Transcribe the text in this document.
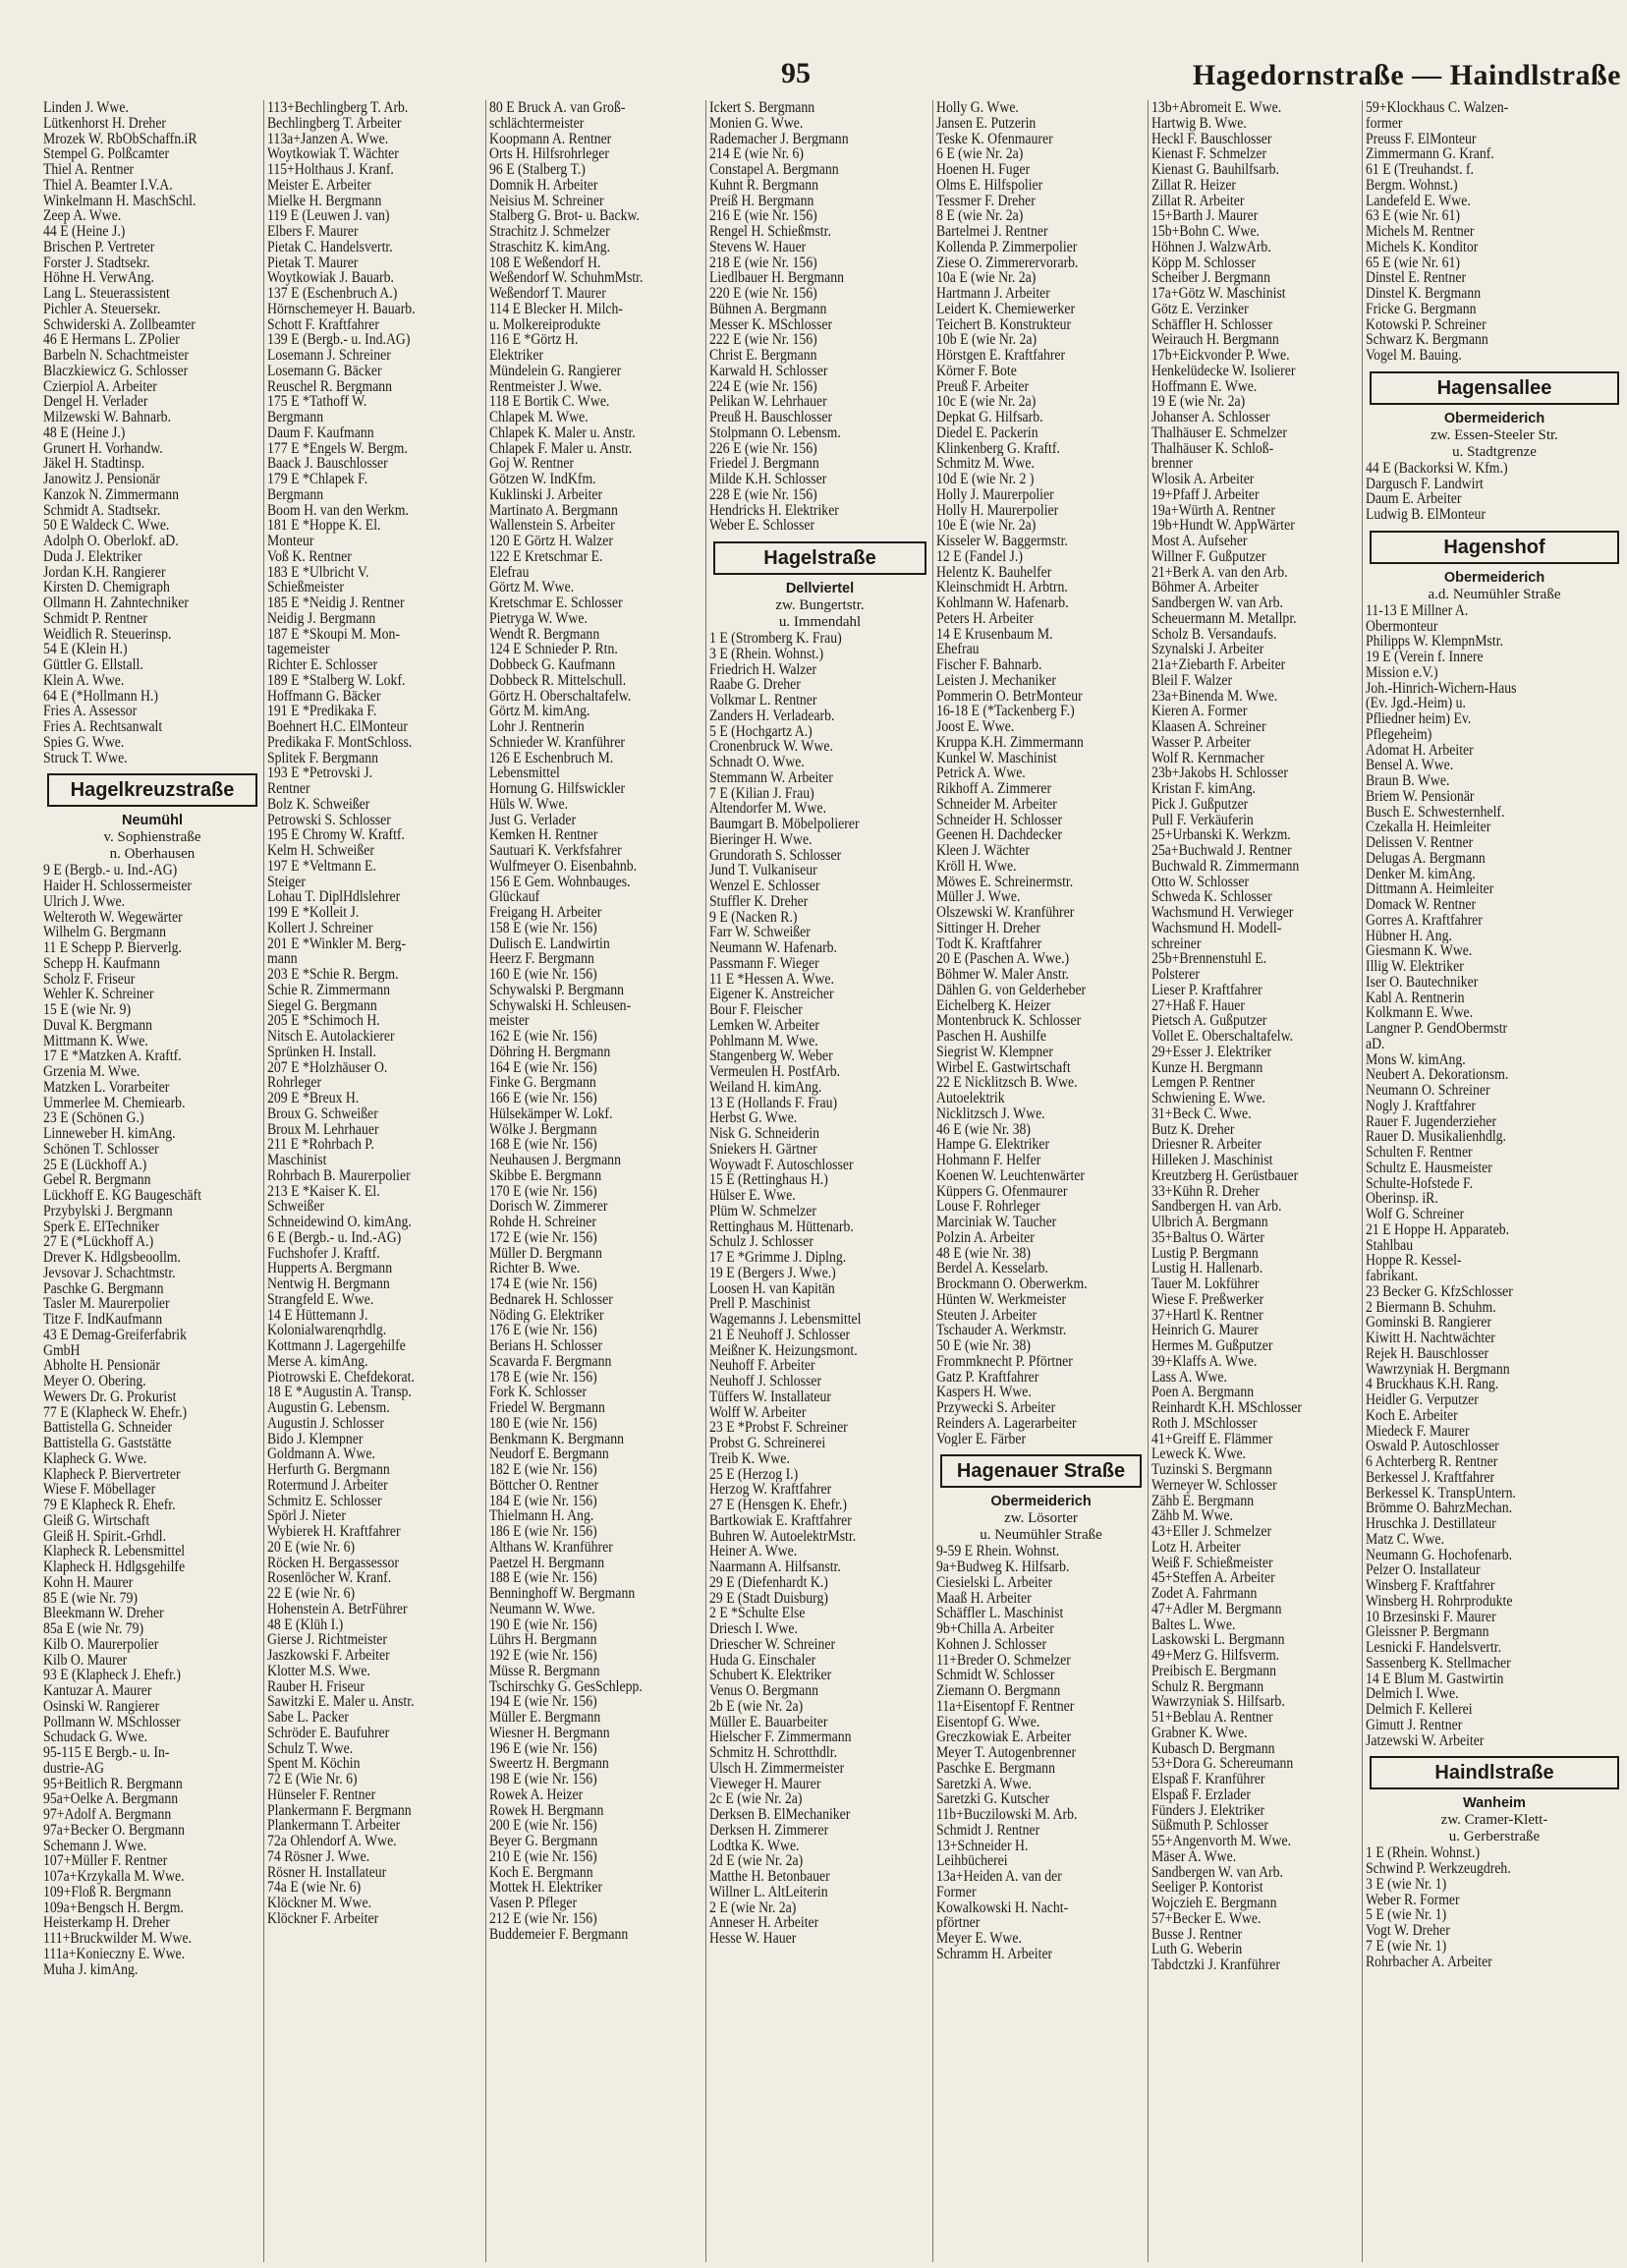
95	Hagedornstraße — Haindlstraße
Linden J. Wwe.
Lütkenhorst H. Dreher
Mrozek W. RbObSchaffn.iR
Stempel G. Polßcamter
Thiel A. Rentner
Thiel A. Beamter I.V.A.
Winkelmann H. MaschSchl.
Zeep A. Wwe.
44 E (Heine J.)
Brischen P. Vertreter
Forster J. Stadtsekr.
Höhne H. VerwAng.
Lang L. Steuerassistent
Pichler A. Steuersekr.
Schwiderski A. Zollbeamter
46 E Hermans L. ZPolier
Barbeln N. Schachtmeister
Blaczkiewicz G. Schlosser
Czierpiol A. Arbeiter
Dengel H. Verlader
Milzewski W. Bahnarb.
48 E (Heine J.)
Grunert H. Vorhandw.
Jäkel H. Stadtinsp.
Janowitz J. Pensionär
Kanzok N. Zimmermann
Schmidt A. Stadtsekr.
50 E Waldeck C. Wwe.
Adolph O. Oberlokf. aD.
Duda J. Elektriker
Jordan K.H. Rangierer
Kirsten D. Chemigraph
Ollmann H. Zahntechniker
Schmidt P. Rentner
Weidlich R. Steuerinsp.
54 E (Klein H.)
Güttler G. Ellstall.
Klein A. Wwe.
64 E (*Hollmann H.)
Fries A. Assessor
Fries A. Rechtsanwalt
Spies G. Wwe.
Struck T. Wwe.
Hagelkreuzstraße
Neumühl
v. Sophienstraße
n. Oberhausen
9 E (Bergb.- u. Ind.-AG)
Haider H. Schlossermeister
Ulrich J. Wwe.
Welteroth W. Wegewärter
Wilhelm G. Bergmann
11 E Schepp P. Bierverlg.
Schepp H. Kaufmann
Scholz F. Friseur
Wehler K. Schreiner
15 E (wie Nr. 9)
Duval K. Bergmann
Mittmann K. Wwe.
17 E *Matzken A. Kraftf.
Grzenia M. Wwe.
Matzken L. Vorarbeiter
Ummerlee M. Chemiearb.
23 E (Schönen G.)
Linneweber H. kimAng.
Schönen T. Schlosser
25 E (Lückhoff A.)
Gebel R. Bergmann
Lückhoff E. KG Baugeschäft
Przybylski J. Bergmann
Sperk E. ElTechniker
27 E (*Lückhoff A.)
Drever K. Hdlgsbeoollm.
Jevsovar J. Schachtmstr.
Paschke G. Bergmann
Tasler M. Maurerpolier
Titze F. IndKaufmann
43 E Demag-Greiferfabrik
GmbH
Abholte H. Pensionär
Meyer O. Obering.
Wewers Dr. G. Prokurist
77 E (Klapheck W. Ehefr.)
Battistella G. Schneider
Battistella G. Gaststätte
Klapheck G. Wwe.
Klapheck P. Biervertreter
Wiese F. Möbellager
79 E Klapheck R. Ehefr.
Gleiß G. Wirtschaft
Gleiß H. Spirit.-Grhdl.
Klapheck R. Lebensmittel
Klapheck H. Hdlgsgehilfe
Kohn H. Maurer
85 E (wie Nr. 79)
Bleekmann W. Dreher
85a E (wie Nr. 79)
Kilb O. Maurerpolier
Kilb O. Maurer
93 E (Klapheck J. Ehefr.)
Kantuzar A. Maurer
Osinski W. Rangierer
Pollmann W. MSchlosser
Schudack G. Wwe.
95-115 E Bergb.- u. In-
dustrie-AG
95+Beitlich R. Bergmann
95a+Oelke A. Bergmann
97+Adolf A. Bergmann
97a+Becker O. Bergmann
Schemann J. Wwe.
107+Müller F. Rentner
107a+Krzykalla M. Wwe.
109+Floß R. Bergmann
109a+Bengsch H. Bergm.
Heisterkamp H. Dreher
111+Bruckwilder M. Wwe.
111a+Konieczny E. Wwe.
Muha J. kimAng.
113+Bechlingberg T. Arb.
Bechlingberg T. Arbeiter
113a+Janzen A. Wwe.
Woytkowiak T. Wächter
115+Holthaus J. Kranf.
Meister E. Arbeiter
Mielke H. Bergmann
119 E (Leuwen J. van)
Elbers F. Maurer
Pietak C. Handelsvertr.
Pietak T. Maurer
Woytkowiak J. Bauarb.
137 E (Eschenbruch A.)
Hörnschemeyer H. Bauarb.
Schott F. Kraftfahrer
139 E (Bergb.- u. Ind.AG)
Losemann J. Schreiner
Losemann G. Bäcker
Reuschel R. Bergmann
175 E *Tathoff W.
Bergmann
Daum F. Kaufmann
177 E *Engels W. Bergm.
Baack J. Bauschlosser
179 E *Chlapek F.
Bergmann
Boom H. van den Werkm.
181 E *Hoppe K. El.
Monteur
Voß K. Rentner
183 E *Ulbricht V.
Schießmeister
185 E *Neidig J. Rentner
Neidig J. Bergmann
187 E *Skoupi M. Mon-
tagemeister
Richter E. Schlosser
189 E *Stalberg W. Lokf.
Hoffmann G. Bäcker
191 E *Predikaka F.
Boehnert H.C. ElMonteur
Predikaka F. MontSchloss.
Splitek F. Bergmann
193 E *Petrovski J.
Rentner
Bolz K. Schweißer
Petrowski S. Schlosser
195 E Chromy W. Kraftf.
Kelm H. Schweißer
197 E *Veltmann E.
Steiger
Lohau T. DiplHdlslehrer
199 E *Kolleit J.
Kollert J. Schreiner
201 E *Winkler M. Berg-
mann
203 E *Schie R. Bergm.
Schie R. Zimmermann
Siegel G. Bergmann
205 E *Schimoch H.
Nitsch E. Autolackierer
Sprünken H. Install.
207 E *Holzhäuser O.
Rohrleger
209 E *Breux H.
Broux G. Schweißer
Broux M. Lehrhauer
211 E *Rohrbach P.
Maschinist
Rohrbach B. Maurerpolier
213 E *Kaiser K. El.
Schweißer
Schneidewind O. kimAng.
6 E (Bergb.- u. Ind.-AG)
Fuchshofer J. Kraftf.
Hupperts A. Bergmann
Nentwig H. Bergmann
Strangfeld E. Wwe.
14 E Hüttemann J.
Kolonialwarenqrhdlg.
Kottmann J. Lagergehilfe
Merse A. kimAng.
Piotrowski E. Chefdekorat.
18 E *Augustin A. Transp.
Augustin G. Lebensm.
Augustin J. Schlosser
Bido J. Klempner
Goldmann A. Wwe.
Herfurth G. Bergmann
Rotermund J. Arbeiter
Schmitz E. Schlosser
Spörl J. Nieter
Wybierek H. Kraftfahrer
20 E (wie Nr. 6)
Röcken H. Bergassessor
Rosenlöcher W. Kranf.
22 E (wie Nr. 6)
Hohenstein A. BetrFührer
48 E (Klüh I.)
Gierse J. Richtmeister
Jaszkowski F. Arbeiter
Klotter M.S. Wwe.
Rauber H. Friseur
Sawitzki E. Maler u. Anstr.
Sabe L. Packer
Schröder E. Baufuhrer
Schulz T. Wwe.
Spent M. Köchin
72 E (Wie Nr. 6)
Hünseler F. Rentner
Plankermann F. Bergmann
Plankermann T. Arbeiter
72a Ohlendorf A. Wwe.
74 Rösner J. Wwe.
Rösner H. Installateur
74a E (wie Nr. 6)
Klöckner M. Wwe.
Klöckner F. Arbeiter
80 E Bruck A. van Groß-
schlächtermeister
Koopmann A. Rentner
Orts H. Hilfsrohrleger
96 E (Stalberg T.)
Domnik H. Arbeiter
Neisius M. Schreiner
Stalberg G. Brot- u. Backw.
Strachitz J. Schmelzer
Straschitz K. kimAng.
108 E Weßendorf H.
Weßendorf W. SchuhmMstr.
Weßendorf T. Maurer
114 E Blecker H. Milch-
u. Molkereiprodukte
116 E *Görtz H.
Elektriker
Mündelein G. Rangierer
Rentmeister J. Wwe.
118 E Bortik C. Wwe.
Chlapek M. Wwe.
Chlapek K. Maler u. Anstr.
Chlapek F. Maler u. Anstr.
Goj W. Rentner
Götzen W. IndKfm.
Kuklinski J. Arbeiter
Martinato A. Bergmann
Wallenstein S. Arbeiter
120 E Görtz H. Walzer
122 E Kretschmar E.
Elefrau
Görtz M. Wwe.
Kretschmar E. Schlosser
Pietryga W. Wwe.
Wendt R. Bergmann
124 E Schnieder P. Rtn.
Dobbeck G. Kaufmann
Dobbeck R. Mittelschull.
Görtz H. Oberschaltafelw.
Görtz M. kimAng.
Lohr J. Rentnerin
Schnieder W. Kranführer
126 E Eschenbruch M.
Lebensmittel
Hornung G. Hilfswickler
Hüls W. Wwe.
Just G. Verlader
Kemken H. Rentner
Sautuari K. Verkfsfahrer
Wulfmeyer O. Eisenbahnb.
156 E Gem. Wohnbauges.
Glückauf
Freigang H. Arbeiter
158 E (wie Nr. 156)
Dulisch E. Landwirtin
Heerz F. Bergmann
160 E (wie Nr. 156)
Schywalski P. Bergmann
Schywalski H. Schleusen-
meister
162 E (wie Nr. 156)
Döhring H. Bergmann
164 E (wie Nr. 156)
Finke G. Bergmann
166 E (wie Nr. 156)
Hülsekämper W. Lokf.
Wölke J. Bergmann
168 E (wie Nr. 156)
Neuhausen J. Bergmann
Skibbe E. Bergmann
170 E (wie Nr. 156)
Dorisch W. Zimmerer
Rohde H. Schreiner
172 E (wie Nr. 156)
Müller D. Bergmann
Richter B. Wwe.
174 E (wie Nr. 156)
Bednarek H. Schlosser
Nöding G. Elektriker
176 E (wie Nr. 156)
Berians H. Schlosser
Scavarda F. Bergmann
178 E (wie Nr. 156)
Fork K. Schlosser
Friedel W. Bergmann
180 E (wie Nr. 156)
Benkmann K. Bergmann
Neudorf E. Bergmann
182 E (wie Nr. 156)
Böttcher O. Rentner
184 E (wie Nr. 156)
Thielmann H. Ang.
186 E (wie Nr. 156)
Althans W. Kranführer
Paetzel H. Bergmann
188 E (wie Nr. 156)
Benninghoff W. Bergmann
Neumann W. Wwe.
190 E (wie Nr. 156)
Lührs H. Bergmann
192 E (wie Nr. 156)
Müsse R. Bergmann
Tschirschky G. GesSchlepp.
194 E (wie Nr. 156)
Müller E. Bergmann
Wiesner H. Bergmann
196 E (wie Nr. 156)
Sweertz H. Bergmann
198 E (wie Nr. 156)
Rowek A. Heizer
Rowek H. Bergmann
200 E (wie Nr. 156)
Beyer G. Bergmann
210 E (wie Nr. 156)
Koch E. Bergmann
Mottek H. Elektriker
Vasen P. Pfleger
212 E (wie Nr. 156)
Buddemeier F. Bergmann
Ickert S. Bergmann
Monien G. Wwe.
Rademacher J. Bergmann
214 E (wie Nr. 6)
Constapel A. Bergmann
Kuhnt R. Bergmann
Preiß H. Bergmann
216 E (wie Nr. 156)
Rengel H. Schießmstr.
Stevens W. Hauer
218 E (wie Nr. 156)
Liedlbauer H. Bergmann
220 E (wie Nr. 156)
Bühnen A. Bergmann
Messer K. MSchlosser
222 E (wie Nr. 156)
Christ E. Bergmann
Karwald H. Schlosser
224 E (wie Nr. 156)
Pelikan W. Lehrhauer
Preuß H. Bauschlosser
Stolpmann O. Lebensm.
226 E (wie Nr. 156)
Friedel J. Bergmann
Milde K.H. Schlosser
228 E (wie Nr. 156)
Hendricks H. Elektriker
Weber E. Schlosser
Hagelstraße
Dellviertel
zw. Bungertstr.
u. Immendahl
1 E (Stromberg K. Frau)
3 E (Rhein. Wohnst.)
Friedrich H. Walzer
Raabe G. Dreher
Volkmar L. Rentner
Zanders H. Verladearb.
5 E (Hochgartz A.)
Cronenbruck W. Wwe.
Schnadt O. Wwe.
Stemmann W. Arbeiter
7 E (Kilian J. Frau)
Altendorfer M. Wwe.
Baumgart B. Möbelpolierer
Bieringer H. Wwe.
Grundorath S. Schlosser
Jund T. Vulkaniseur
Wenzel E. Schlosser
Stuffler K. Dreher
9 E (Nacken R.)
Farr W. Schweißer
Neumann W. Hafenarb.
Passmann F. Wieger
11 E *Hessen A. Wwe.
Eigener K. Anstreicher
Bour F. Fleischer
Lemken W. Arbeiter
Pohlmann M. Wwe.
Stangenberg W. Weber
Vermeulen H. PostfArb.
Weiland H. kimAng.
13 E (Hollands F. Frau)
Herbst G. Wwe.
Nisk G. Schneiderin
Sniekers H. Gärtner
Woywadt F. Autoschlosser
15 E (Rettinghaus H.)
Hülser E. Wwe.
Plüm W. Schmelzer
Rettinghaus M. Hüttenarb.
Schulz J. Schlosser
17 E *Grimme J. Diplng.
19 E (Bergers J. Wwe.)
Loosen H. van Kapitän
Prell P. Maschinist
Wagemanns J. Lebensmittel
21 E Neuhoff J. Schlosser
Meißner K. Heizungsmont.
Neuhoff F. Arbeiter
Neuhoff J. Schlosser
Tüffers W. Installateur
Wolff W. Arbeiter
23 E *Probst F. Schreiner
Probst G. Schreinerei
Treib K. Wwe.
25 E (Herzog I.)
Herzog W. Kraftfahrer
27 E (Hensgen K. Ehefr.)
Bartkowiak E. Kraftfahrer
Buhren W. AutoelektrMstr.
Heiner A. Wwe.
Naarmann A. Hilfsanstr.
29 E (Diefenhardt K.)
29 E (Stadt Duisburg)
2 E *Schulte Else
Driesch I. Wwe.
Driescher W. Schreiner
Huda G. Einschaler
Schubert K. Elektriker
Venus O. Bergmann
2b E (wie Nr. 2a)
Müller E. Bauarbeiter
Hielscher F. Zimmermann
Schmitz H. Schrotthdlr.
Ulsch H. Zimmermeister
Vieweger H. Maurer
2c E (wie Nr. 2a)
Derksen B. ElMechaniker
Derksen H. Zimmerer
Lodtka K. Wwe.
2d E (wie Nr. 2a)
Matthe H. Betonbauer
Willner L. AltLeiterin
2 E (wie Nr. 2a)
Anneser H. Arbeiter
Hesse W. Hauer
Holly G. Wwe.
Jansen E. Putzerin
Teske K. Ofenmaurer
6 E (wie Nr. 2a)
Hoenen H. Fuger
Olms E. Hilfspolier
Tessmer F. Dreher
8 E (wie Nr. 2a)
Bartelmei J. Rentner
Kollenda P. Zimmerpolier
Ziese O. Zimmerervorarb.
10a E (wie Nr. 2a)
Hartmann J. Arbeiter
Leidert K. Chemiewerker
Teichert B. Konstrukteur
10b E (wie Nr. 2a)
Hörstgen E. Kraftfahrer
Körner F. Bote
Preuß F. Arbeiter
10c E (wie Nr. 2a)
Depkat G. Hilfsarb.
Diedel E. Packerin
Klinkenberg G. Kraftf.
Schmitz M. Wwe.
10d E (wie Nr. 2 )
Holly J. Maurerpolier
Holly H. Maurerpolier
10e E (wie Nr. 2a)
Kisseler W. Baggermstr.
12 E (Fandel J.)
Helentz K. Bauhelfer
Kleinschmidt H. Arbtrn.
Kohlmann W. Hafenarb.
Peters H. Arbeiter
14 E Krusenbaum M.
Ehefrau
Fischer F. Bahnarb.
Leisten J. Mechaniker
Pommerin O. BetrMonteur
16-18 E (*Tackenberg F.)
Joost E. Wwe.
Kruppa K.H. Zimmermann
Kunkel W. Maschinist
Petrick A. Wwe.
Rikhoff A. Zimmerer
Schneider M. Arbeiter
Schneider H. Schlosser
Geenen H. Dachdecker
Kleen J. Wächter
Kröll H. Wwe.
Möwes E. Schreinermstr.
Müller J. Wwe.
Olszewski W. Kranführer
Sittinger H. Dreher
Todt K. Kraftfahrer
20 E (Paschen A. Wwe.)
Böhmer W. Maler Anstr.
Dählen G. von Gelderheber
Eichelberg K. Heizer
Montenbruck K. Schlosser
Paschen H. Aushilfe
Siegrist W. Klempner
Wirbel E. Gastwirtschaft
22 E Nicklitzsch B. Wwe.
Autoelektrik
Nicklitzsch J. Wwe.
46 E (wie Nr. 38)
Hampe G. Elektriker
Hohmann F. Helfer
Koenen W. Leuchtenwärter
Küppers G. Ofenmaurer
Louse F. Rohrleger
Marciniak W. Taucher
Polzin A. Arbeiter
48 E (wie Nr. 38)
Berdel A. Kesselarb.
Brockmann O. Oberwerkm.
Hünten W. Werkmeister
Steuten J. Arbeiter
Tschauder A. Werkmstr.
50 E (wie Nr. 38)
Frommknecht P. Pförtner
Gatz P. Kraftfahrer
Kaspers H. Wwe.
Przywecki S. Arbeiter
Reinders A. Lagerarbeiter
Vogler E. Färber
Hagenauer Straße
Obermeiderich
zw. Lösorter
u. Neumühler Straße
9-59 E Rhein. Wohnst.
9a+Budweg K. Hilfsarb.
Ciesielski L. Arbeiter
Maaß H. Arbeiter
Schäffler L. Maschinist
9b+Chilla A. Arbeiter
Kohnen J. Schlosser
11+Breder O. Schmelzer
Schmidt W. Schlosser
Ziemann O. Bergmann
11a+Eisentopf F. Rentner
Eisentopf G. Wwe.
Greczkowiak E. Arbeiter
Meyer T. Autogenbrenner
Paschke E. Bergmann
Saretzki A. Wwe.
Saretzki G. Kutscher
11b+Buczilowski M. Arb.
Schmidt J. Rentner
13+Schneider H.
Leihbücherei
13a+Heiden A. van der
Former
Kowalkowski H. Nacht-
pförtner
Meyer E. Wwe.
Schramm H. Arbeiter
13b+Abromeit E. Wwe.
Hartwig B. Wwe.
Heckl F. Bauschlosser
Kienast F. Schmelzer
Kienast G. Bauhilfsarb.
Zillat R. Heizer
Zillat R. Arbeiter
15+Barth J. Maurer
15b+Bohn C. Wwe.
Höhnen J. WalzwArb.
Köpp M. Schlosser
Scheiber J. Bergmann
17a+Götz W. Maschinist
Götz E. Verzinker
Schäffler H. Schlosser
Weirauch H. Bergmann
17b+Eickvonder P. Wwe.
Henkelüdecke W. Isolierer
Hoffmann E. Wwe.
19 E (wie Nr. 2a)
Johanser A. Schlosser
Thalhäuser E. Schmelzer
Thalhäuser K. Schloß-
brenner
Wlosik A. Arbeiter
19+Pfaff J. Arbeiter
19a+Würth A. Rentner
19b+Hundt W. AppWärter
Most A. Aufseher
Willner F. Gußputzer
21+Berk A. van den Arb.
Böhmer A. Arbeiter
Sandbergen W. van Arb.
Scheuermann M. Metallpr.
Scholz B. Versandaufs.
Szynalski J. Arbeiter
21a+Ziebarth F. Arbeiter
Bleil F. Walzer
23a+Binenda M. Wwe.
Kieren A. Former
Klaasen A. Schreiner
Wasser P. Arbeiter
Wolf R. Kernmacher
23b+Jakobs H. Schlosser
Kristan F. kimAng.
Pick J. Gußputzer
Pull F. Verkäuferin
25+Urbanski K. Werkzm.
25a+Buchwald J. Rentner
Buchwald R. Zimmermann
Otto W. Schlosser
Schweda K. Schlosser
Wachsmund H. Verwieger
Wachsmund H. Modell-
schreiner
25b+Brennenstuhl E.
Polsterer
Lieser P. Kraftfahrer
27+Haß F. Hauer
Pietsch A. Gußputzer
Vollet E. Oberschaltafelw.
29+Esser J. Elektriker
Kunze H. Bergmann
Lemgen P. Rentner
Schwiening E. Wwe.
31+Beck C. Wwe.
Butz K. Dreher
Driesner R. Arbeiter
Hilleken J. Maschinist
Kreutzberg H. Gerüstbauer
33+Kühn R. Dreher
Sandbergen H. van Arb.
Ulbrich A. Bergmann
35+Baltus O. Wärter
Lustig P. Bergmann
Lustig H. Hallenarb.
Tauer M. Lokführer
Wiese F. Preßwerker
37+Hartl K. Rentner
Heinrich G. Maurer
Hermes M. Gußputzer
39+Klaffs A. Wwe.
Lass A. Wwe.
Poen A. Bergmann
Reinhardt K.H. MSchlosser
Roth J. MSchlosser
41+Greiff E. Flämmer
Leweck K. Wwe.
Tuzinski S. Bergmann
Werneyer W. Schlosser
Zähb E. Bergmann
Zähb M. Wwe.
43+Eller J. Schmelzer
Lotz H. Arbeiter
Weiß F. Schießmeister
45+Steffen A. Arbeiter
Zodet A. Fahrmann
47+Adler M. Bergmann
Baltes L. Wwe.
Laskowski L. Bergmann
49+Merz G. Hilfsverm.
Preibisch E. Bergmann
Schulz R. Bergmann
Wawrzyniak S. Hilfsarb.
51+Beblau A. Rentner
Grabner K. Wwe.
Kubasch D. Bergmann
53+Dora G. Schereumann
Elspaß F. Kranführer
Elspaß F. Erzlader
Fünders J. Elektriker
Süßmuth P. Schlosser
55+Angenvorth M. Wwe.
Mäser A. Wwe.
Sandbergen W. van Arb.
Seeliger P. Kontorist
Wojczieh E. Bergmann
57+Becker E. Wwe.
Busse J. Rentner
Luth G. Weberin
Tabdctzki J. Kranführer
59+Klockhaus C. Walzen-
former
Preuss F. ElMonteur
Zimmermann G. Kranf.
61 E (Treuhandst. f.
Bergm. Wohnst.)
Landefeld E. Wwe.
63 E (wie Nr. 61)
Michels M. Rentner
Michels K. Konditor
65 E (wie Nr. 61)
Dinstel E. Rentner
Dinstel K. Bergmann
Fricke G. Bergmann
Kotowski P. Schreiner
Schwarz K. Bergmann
Vogel M. Bauing.
Hagensallee
Obermeiderich
zw. Essen-Steeler Str.
u. Stadtgrenze
44 E (Backorksi W. Kfm.)
Dargusch F. Landwirt
Daum E. Arbeiter
Ludwig B. ElMonteur
Hagenshof
Obermeiderich
a.d. Neumühler Straße
11-13 E Millner A.
Obermonteur
Philipps W. KlempnMstr.
19 E (Verein f. Innere
Mission e.V.)
Joh.-Hinrich-Wichern-Haus
(Ev. Jgd.-Heim) u.
Pfliedner heim) Ev.
Pflegeheim)
Adomat H. Arbeiter
Bensel A. Wwe.
Braun B. Wwe.
Briem W. Pensionär
Busch E. Schwesternhelf.
Czekalla H. Heimleiter
Delissen V. Rentner
Delugas A. Bergmann
Denker M. kimAng.
Dittmann A. Heimleiter
Domack W. Rentner
Gorres A. Kraftfahrer
Hübner H. Ang.
Giesmann K. Wwe.
Illig W. Elektriker
Iser O. Bautechniker
Kabl A. Rentnerin
Kolkmann E. Wwe.
Langner P. GendObermstr
aD.
Mons W. kimAng.
Neubert A. Dekorationsm.
Neumann O. Schreiner
Nogly J. Kraftfahrer
Rauer F. Jugenderzieher
Rauer D. Musikalienhdlg.
Schulten F. Rentner
Schultz E. Hausmeister
Schulte-Hofstede F.
Oberinsp. iR.
Wolf G. Schreiner
21 E Hoppe H. Apparateb.
Stahlbau
Hoppe R. Kessel-
fabrikant.
23 Becker G. KfzSchlosser
2 Biermann B. Schuhm.
Gominski B. Rangierer
Kiwitt H. Nachtwächter
Rejek H. Bauschlosser
Wawrzyniak H. Bergmann
4 Bruckhaus K.H. Rang.
Heidler G. Verputzer
Koch E. Arbeiter
Miedeck F. Maurer
Oswald P. Autoschlosser
6 Achterberg R. Rentner
Berkessel J. Kraftfahrer
Berkessel K. TranspUntern.
Brömme O. BahrzMechan.
Hruschka J. Destillateur
Matz C. Wwe.
Neumann G. Hochofenarb.
Pelzer O. Installateur
Winsberg F. Kraftfahrer
Winsberg H. Rohrprodukte
10 Brzesinski F. Maurer
Gleissner P. Bergmann
Lesnicki F. Handelsvertr.
Sassenberg K. Stellmacher
14 E Blum M. Gastwirtin
Delmich I. Wwe.
Delmich F. Kellerei
Gimutt J. Rentner
Jatzewski W. Arbeiter
Haindlstraße
Wanheim
zw. Cramer-Klett-
u. Gerberstraße
1 E (Rhein. Wohnst.)
Schwind P. Werkzeugdreh.
3 E (wie Nr. 1)
Weber R. Former
5 E (wie Nr. 1)
Vogt W. Dreher
7 E (wie Nr. 1)
Rohrbacher A. Arbeiter
